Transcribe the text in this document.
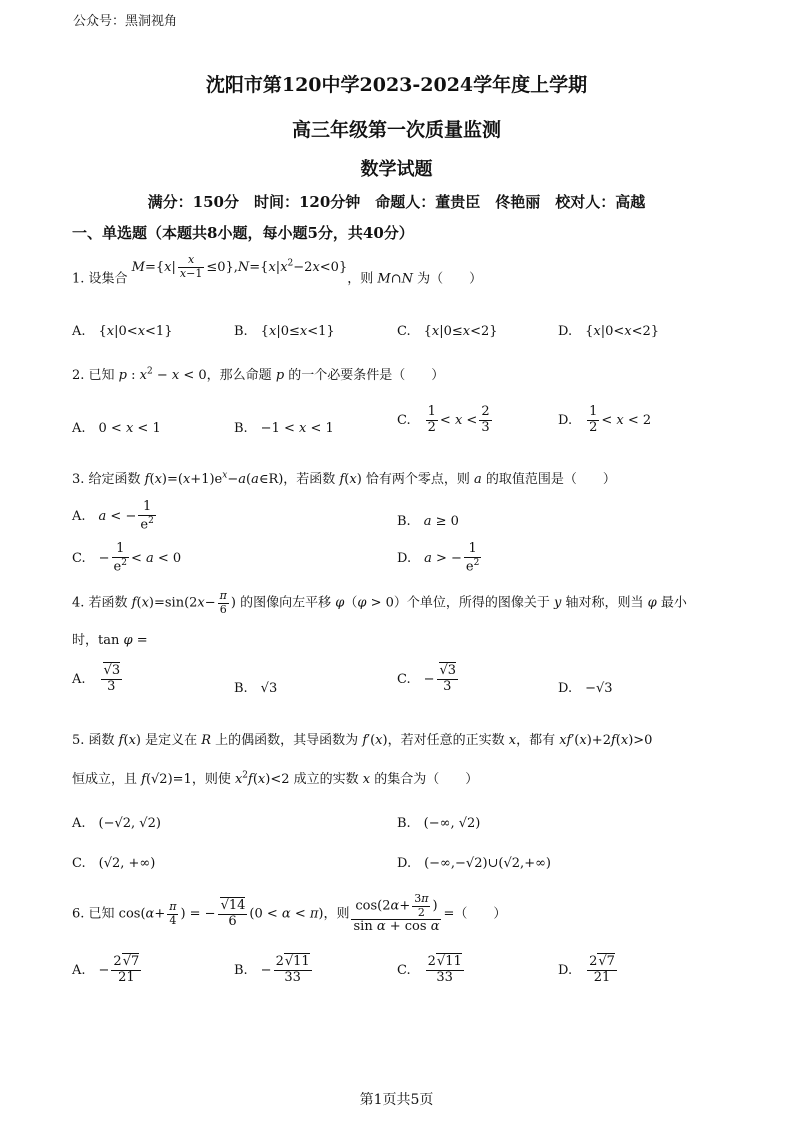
公众号：黑洞视角
沈阳市第120中学2023-2024学年度上学期
高三年级第一次质量监测
数学试题
满分：150分　时间：120分钟　命题人：董贵臣　佟艳丽　校对人：高越
一、单选题（本题共8小题，每小题5分，共40分）
1. 设集合 $M=\{x| \frac{x}{x-1} \le 0\},N=\{x|x^2-2x<0\}$，则 M∩N 为（　　）
A.　{x|0<x<1}	B.　{x|0≤x<1}	C.　{x|0≤x<2}	D.　{x|0<x<2}
2. 已知 p : $x^2 - x < 0$，那么命题 p 的一个必要条件是（　　）
A.　0 < x < 1	B.　−1 < x < 1
C.　 $\frac{1}{2} < x < \frac{2}{3}$	D.　 $\frac{1}{2} < x < 2$
3. 给定函数 $f(x)=(x+1)e^x-a(a\in R)$，若函数 f(x) 恰有两个零点，则 a 的取值范围是（　　）
A.　a < − $\frac{1}{e^2}$	B.　a ≥ 0
C.　− $\frac{1}{e^2} < a < 0$	D.　a > − $\frac{1}{e^2}$
4. 若函数 $f(x)=\sin(2x- \frac{\pi}{6}$ ) 的图像向左平移 φ（φ > 0）个单位，所得的图像关于 y 轴对称，则当 φ 最小
时，tan φ =
A.　 $\frac{√3}{3}$	B.　√3
C.　− $\frac{√3}{3}$	D.　−√3
5. 函数 f(x) 是定义在 R 上的偶函数，其导函数为 f′(x)，若对任意的正实数 x，都有 xf′(x)+2f(x)>0
恒成立，且 f(√2)=1，则使 $x^2f(x)<2$ 成立的实数 x 的集合为（　　）
A.　(−√2, √2)	B.　(−∞, √2)
C.　(√2, +∞)	D.　(−∞,−√2)∪(√2,+∞)
6. 已知 $\cos(\alpha+ \frac{\pi}{4}$ ) = − $\frac{√14}{6} (0 < \alpha < \pi)$，则 $\frac{\cos(2\alpha+ \frac{3\pi}{2} )}{\text{sin α + cos α}}$ =（　　）
A.　− $\frac{2√7}{21}$	B.　− $\frac{2√11}{33}$	C.　 $\frac{2√11}{33}$	D.　 $\frac{2√7}{21}$
第1页共5页
